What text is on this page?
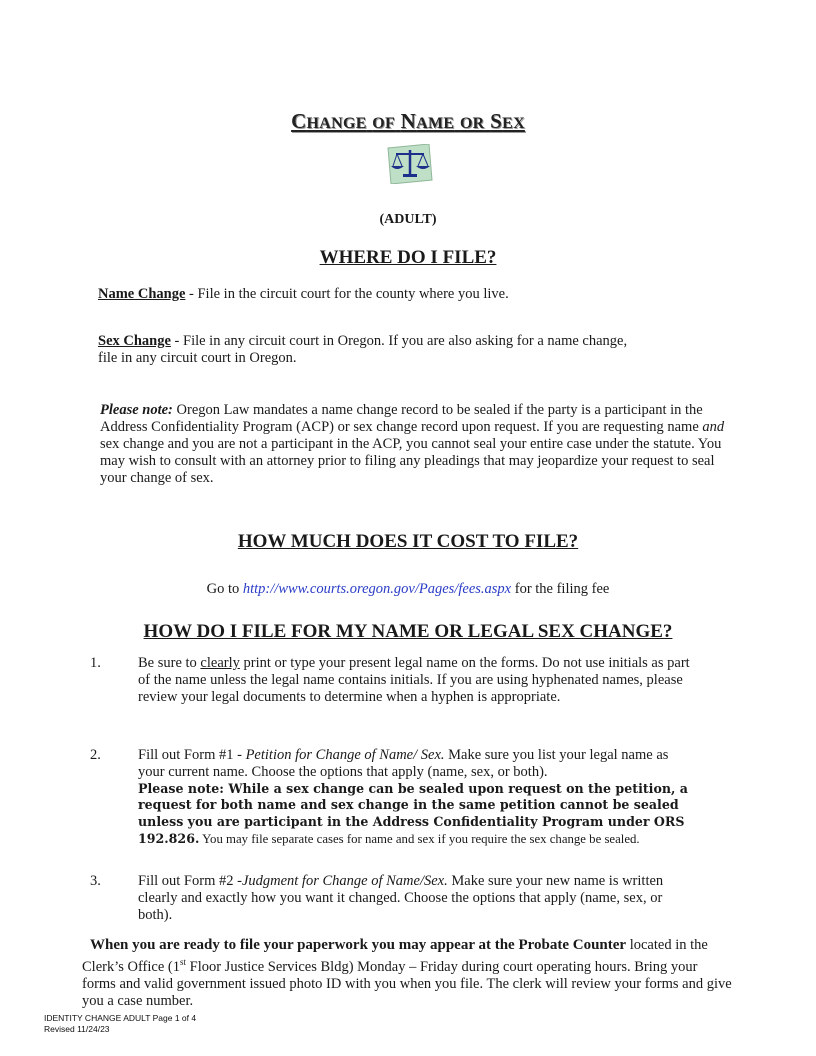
CHANGE OF NAME OR SEX
(ADULT)
WHERE DO I FILE?
Name Change - File in the circuit court for the county where you live.
Sex Change - File in any circuit court in Oregon. If you are also asking for a name change,
file in any circuit court in Oregon.
Please note: Oregon Law mandates a name change record to be sealed if the party is a participant in the Address Confidentiality Program (ACP) or sex change record upon request. If you are requesting name and sex change and you are not a participant in the ACP, you cannot seal your entire case under the statute. You may wish to consult with an attorney prior to filing any pleadings that may jeopardize your request to seal your change of sex.
HOW MUCH DOES IT COST TO FILE?
Go to http://www.courts.oregon.gov/Pages/fees.aspx for the filing fee
HOW DO I FILE FOR MY NAME OR LEGAL SEX CHANGE?
1.	Be sure to clearly print or type your present legal name on the forms. Do not use initials as part of the name unless the legal name contains initials. If you are using hyphenated names, please review your legal documents to determine when a hyphen is appropriate.
2.	Fill out Form #1 - Petition for Change of Name/ Sex. Make sure you list your legal name as your current name. Choose the options that apply (name, sex, or both).
Please note: While a sex change can be sealed upon request on the petition, a request for both name and sex change in the same petition cannot be sealed unless you are participant in the Address Confidentiality Program under ORS 192.826. You may file separate cases for name and sex if you require the sex change be sealed.
3.	Fill out Form #2 -Judgment for Change of Name/Sex. Make sure your new name is written clearly and exactly how you want it changed. Choose the options that apply (name, sex, or both).
When you are ready to file your paperwork you may appear at the Probate Counter located in the Clerk’s Office (1st Floor Justice Services Bldg) Monday – Friday during court operating hours. Bring your forms and valid government issued photo ID with you when you file. The clerk will review your forms and give you a case number.
IDENTITY CHANGE ADULT Page 1 of 4
Revised 11/24/23
